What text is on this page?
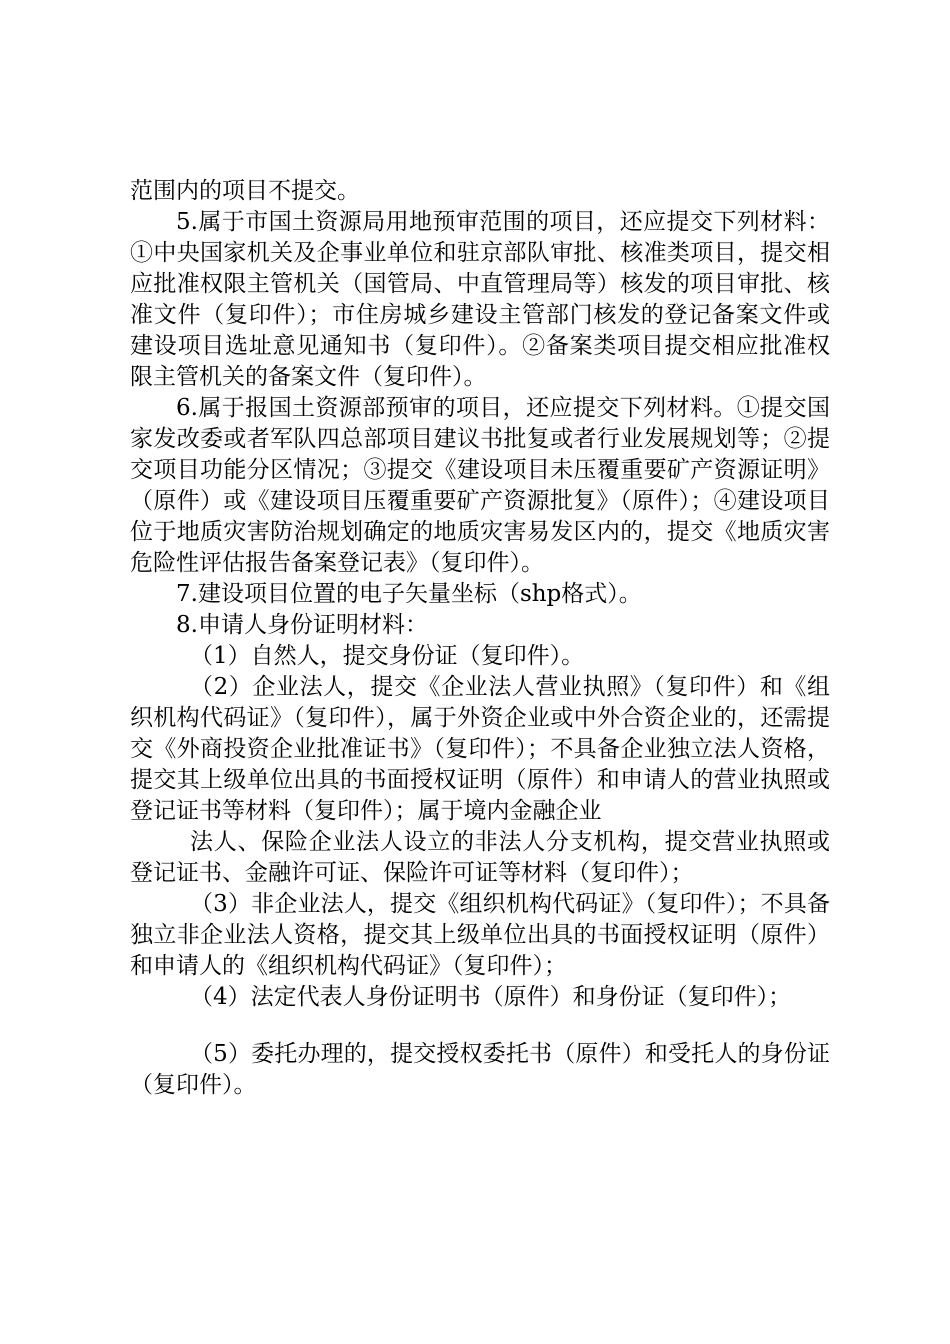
范围内的项目不提交。

5.属于市国土资源局用地预审范围的项目，还应提交下列材料：①中央国家机关及企事业单位和驻京部队审批、核准类项目，提交相应批准权限主管机关（国管局、中直管理局等）核发的项目审批、核准文件（复印件）；市住房城乡建设主管部门核发的登记备案文件或建设项目选址意见通知书（复印件）。②备案类项目提交相应批准权限主管机关的备案文件（复印件）。

6.属于报国土资源部预审的项目，还应提交下列材料。①提交国家发改委或者军队四总部项目建议书批复或者行业发展规划等；②提交项目功能分区情况；③提交《建设项目未压覆重要矿产资源证明》（原件）或《建设项目压覆重要矿产资源批复》（原件）；④建设项目位于地质灾害防治规划确定的地质灾害易发区内的，提交《地质灾害危险性评估报告备案登记表》（复印件）。

7.建设项目位置的电子矢量坐标（shp格式）。

8.申请人身份证明材料：

（1）自然人，提交身份证（复印件）。

（2）企业法人，提交《企业法人营业执照》（复印件）和《组织机构代码证》（复印件），属于外资企业或中外合资企业的，还需提交《外商投资企业批准证书》（复印件）；不具备企业独立法人资格，提交其上级单位出具的书面授权证明（原件）和申请人的营业执照或登记证书等材料（复印件）；属于境内金融企业

法人、保险企业法人设立的非法人分支机构，提交营业执照或登记证书、金融许可证、保险许可证等材料（复印件）；

（3）非企业法人，提交《组织机构代码证》（复印件）；不具备独立非企业法人资格，提交其上级单位出具的书面授权证明（原件）和申请人的《组织机构代码证》（复印件）；

（4）法定代表人身份证明书（原件）和身份证（复印件）；

（5）委托办理的，提交授权委托书（原件）和受托人的身份证（复印件）。
